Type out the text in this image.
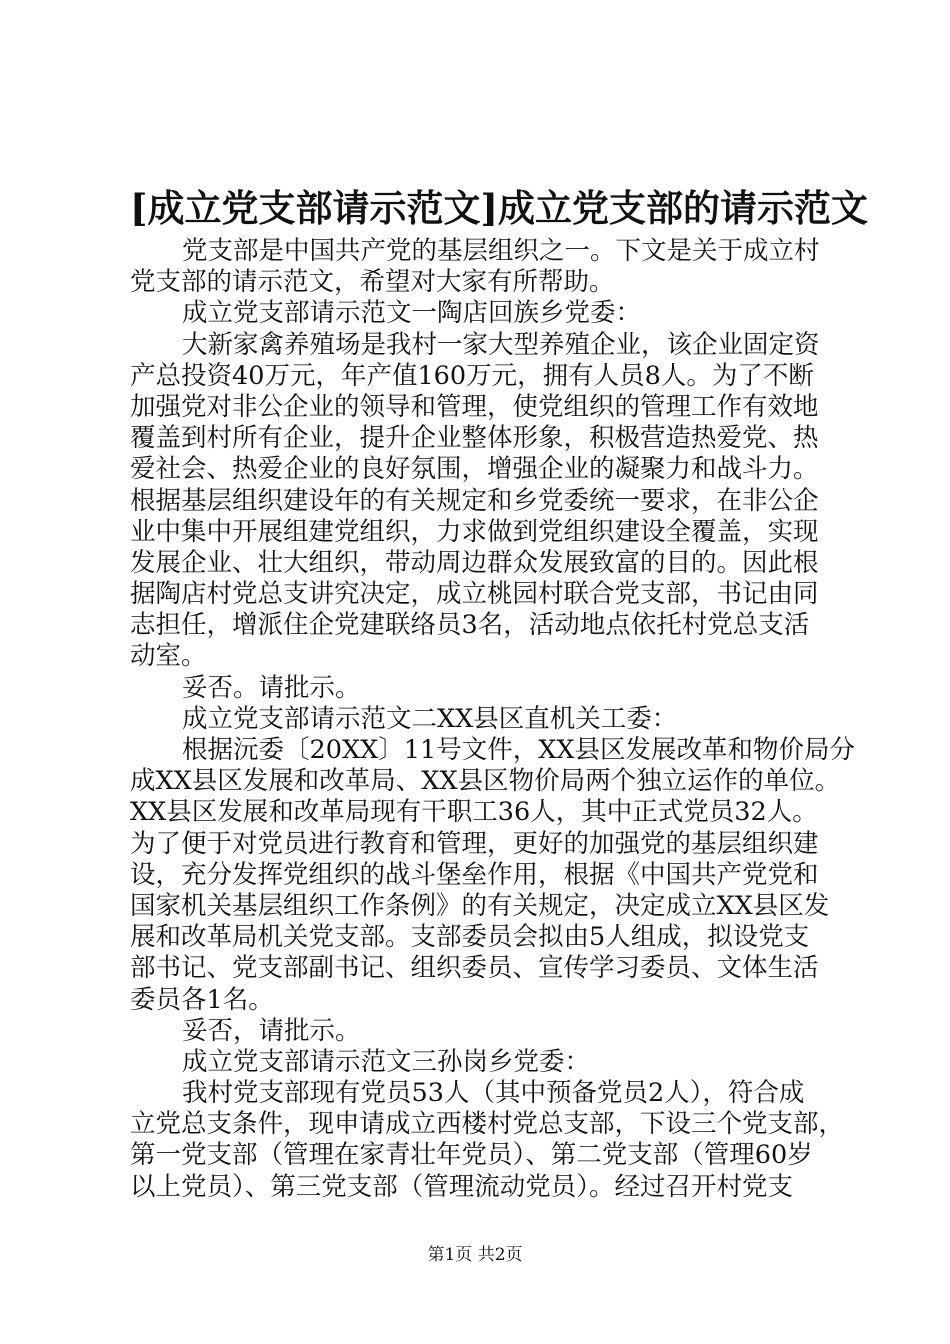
[成立党支部请示范文]成立党支部的请示范文
党支部是中国共产党的基层组织之一。下文是关于成立村
党支部的请示范文，希望对大家有所帮助。
成立党支部请示范文一陶店回族乡党委：
大新家禽养殖场是我村一家大型养殖企业，该企业固定资
产总投资40万元，年产值160万元，拥有人员8人。为了不断
加强党对非公企业的领导和管理，使党组织的管理工作有效地
覆盖到村所有企业，提升企业整体形象，积极营造热爱党、热
爱社会、热爱企业的良好氛围，增强企业的凝聚力和战斗力。
根据基层组织建设年的有关规定和乡党委统一要求，在非公企
业中集中开展组建党组织，力求做到党组织建设全覆盖，实现
发展企业、壮大组织，带动周边群众发展致富的目的。因此根
据陶店村党总支讲究决定，成立桃园村联合党支部，书记由同
志担任，增派住企党建联络员3名，活动地点依托村党总支活
动室。
妥否。请批示。
成立党支部请示范文二XX县区直机关工委：
根据沅委〔20XX〕11号文件，XX县区发展改革和物价局分
成XX县区发展和改革局、XX县区物价局两个独立运作的单位。
XX县区发展和改革局现有干职工36人，其中正式党员32人。
为了便于对党员进行教育和管理，更好的加强党的基层组织建
设，充分发挥党组织的战斗堡垒作用，根据《中国共产党党和
国家机关基层组织工作条例》的有关规定，决定成立XX县区发
展和改革局机关党支部。支部委员会拟由5人组成，拟设党支
部书记、党支部副书记、组织委员、宣传学习委员、文体生活
委员各1名。
妥否，请批示。
成立党支部请示范文三孙岗乡党委：
我村党支部现有党员53人（其中预备党员2人），符合成
立党总支条件，现申请成立西楼村党总支部，下设三个党支部，
第一党支部（管理在家青壮年党员）、第二党支部（管理60岁
以上党员）、第三党支部（管理流动党员）。经过召开村党支
第1页 共2页
